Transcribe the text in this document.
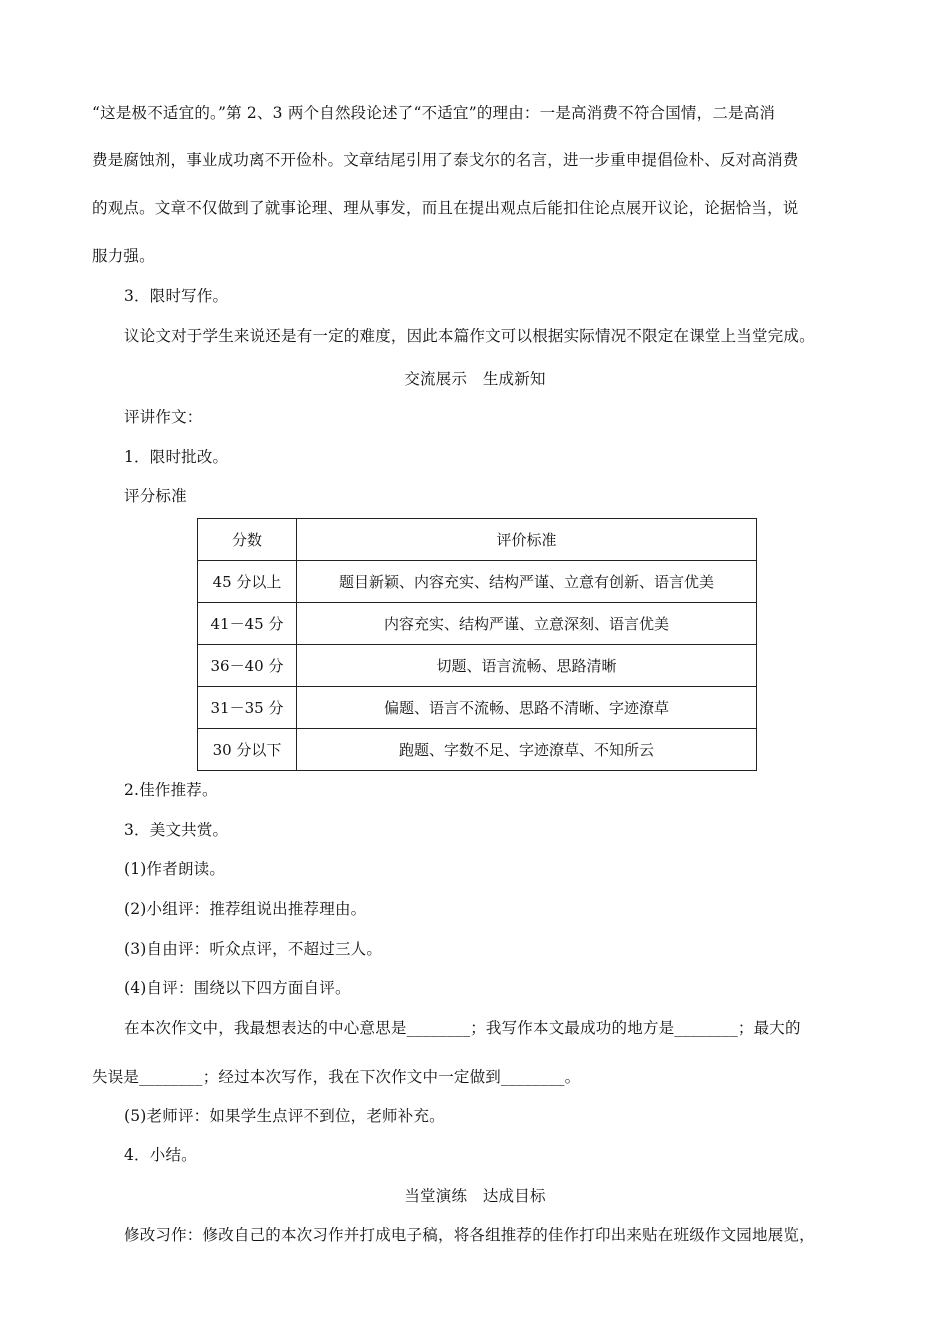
“这是极不适宜的。”第 2、3 两个自然段论述了“不适宜”的理由：一是高消费不符合国情，二是高消
费是腐蚀剂，事业成功离不开俭朴。文章结尾引用了泰戈尔的名言，进一步重申提倡俭朴、反对高消费
的观点。文章不仅做到了就事论理、理从事发，而且在提出观点后能扣住论点展开议论，论据恰当，说
服力强。
3．限时写作。
议论文对于学生来说还是有一定的难度，因此本篇作文可以根据实际情况不限定在课堂上当堂完成。
交流展示　生成新知
评讲作文：
1．限时批改。
评分标准
分数	评价标准
45 分以上	题目新颖、内容充实、结构严谨、立意有创新、语言优美
41－45 分	内容充实、结构严谨、立意深刻、语言优美
36－40 分	切题、语言流畅、思路清晰
31－35 分	偏题、语言不流畅、思路不清晰、字迹潦草
30 分以下	跑题、字数不足、字迹潦草、不知所云
2.佳作推荐。
3．美文共赏。
(1)作者朗读。
(2)小组评：推荐组说出推荐理由。
(3)自由评：听众点评，不超过三人。
(4)自评：围绕以下四方面自评。
在本次作文中，我最想表达的中心意思是________；我写作本文最成功的地方是________；最大的
失误是________；经过本次写作，我在下次作文中一定做到________。
(5)老师评：如果学生点评不到位，老师补充。
4．小结。
当堂演练　达成目标
修改习作：修改自己的本次习作并打成电子稿，将各组推荐的佳作打印出来贴在班级作文园地展览，
